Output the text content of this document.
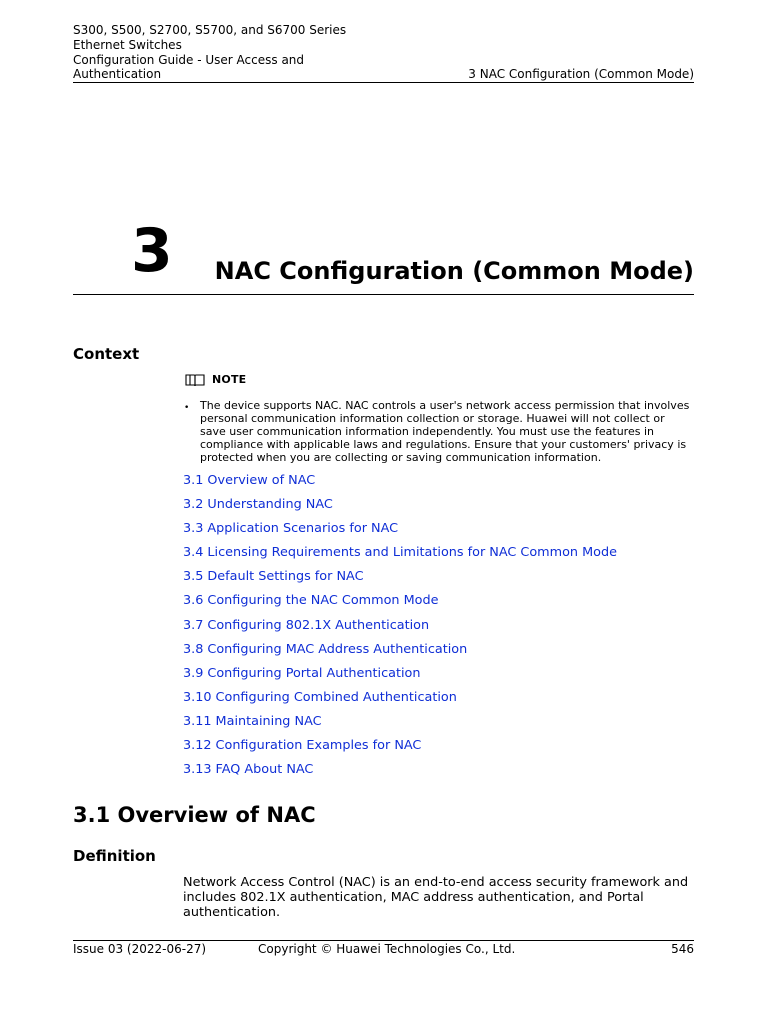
S300, S500, S2700, S5700, and S6700 Series
Ethernet Switches
Configuration Guide - User Access and
Authentication	3 NAC Configuration (Common Mode)
3 NAC Configuration (Common Mode)
Context
NOTE
• The device supports NAC. NAC controls a user's network access permission that involves personal communication information collection or storage. Huawei will not collect or save user communication information independently. You must use the features in compliance with applicable laws and regulations. Ensure that your customers' privacy is protected when you are collecting or saving communication information.

3.1 Overview of NAC
3.2 Understanding NAC
3.3 Application Scenarios for NAC
3.4 Licensing Requirements and Limitations for NAC Common Mode
3.5 Default Settings for NAC
3.6 Configuring the NAC Common Mode
3.7 Configuring 802.1X Authentication
3.8 Configuring MAC Address Authentication
3.9 Configuring Portal Authentication
3.10 Configuring Combined Authentication
3.11 Maintaining NAC
3.12 Configuration Examples for NAC
3.13 FAQ About NAC
3.1 Overview of NAC
Definition

Network Access Control (NAC) is an end-to-end access security framework and includes 802.1X authentication, MAC address authentication, and Portal authentication.

Issue 03 (2022-06-27)	Copyright © Huawei Technologies Co., Ltd.	546
